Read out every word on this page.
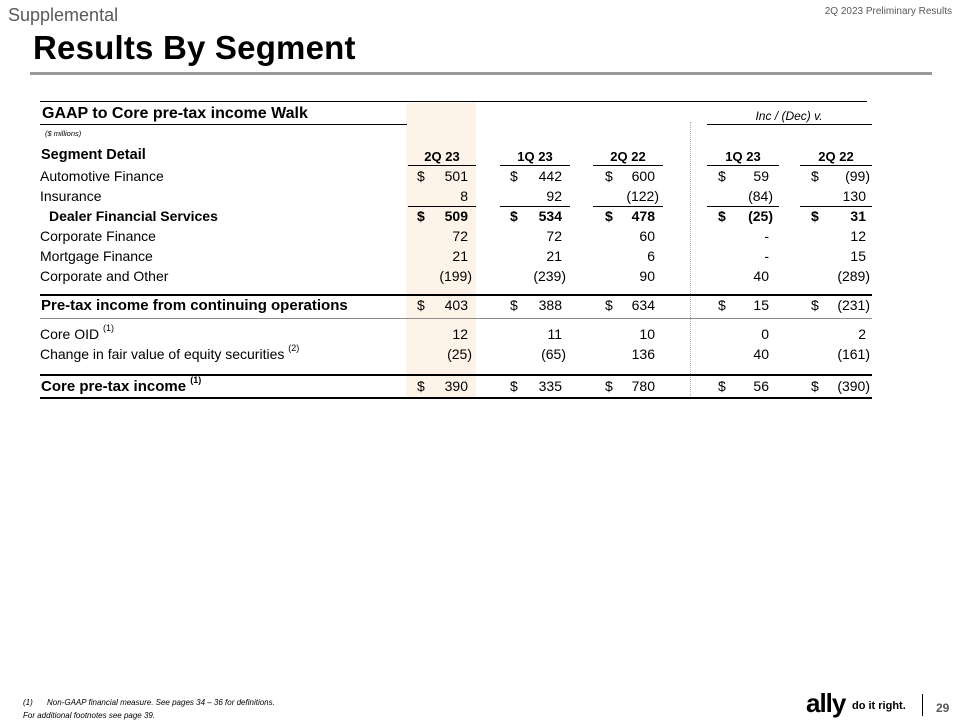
Supplemental	2Q 2023 Preliminary Results
Results By Segment
GAAP to Core pre-tax income Walk
($ millions)
Inc / (Dec) v.
Segment Detail	2Q 23	1Q 23	2Q 22	1Q 23	2Q 22
Automotive Finance	$ 501	$ 442	$ 600	$ 59	$ (99)
Insurance	8	92	(122)	(84)	130
Dealer Financial Services	$ 509	$ 534	$ 478	$ (25)	$ 31
Corporate Finance	72	72	60	-	12
Mortgage Finance	21	21	6	-	15
Corporate and Other	(199)	(239)	90	40	(289)
Pre-tax income from continuing operations	$ 403	$ 388	$ 634	$ 15	$ (231)
Core OID $^{(1)}$	12	11	10	0	2
Change in fair value of equity securities $^{(2)}$	(25)	(65)	136	40	(161)
Core pre-tax income $^{(1)}$	$ 390	$ 335	$ 780	$ 56	$ (390)
(1) Non-GAAP financial measure. See pages 34 – 36 for definitions.
For additional footnotes see page 39.	ally do it right.	29
